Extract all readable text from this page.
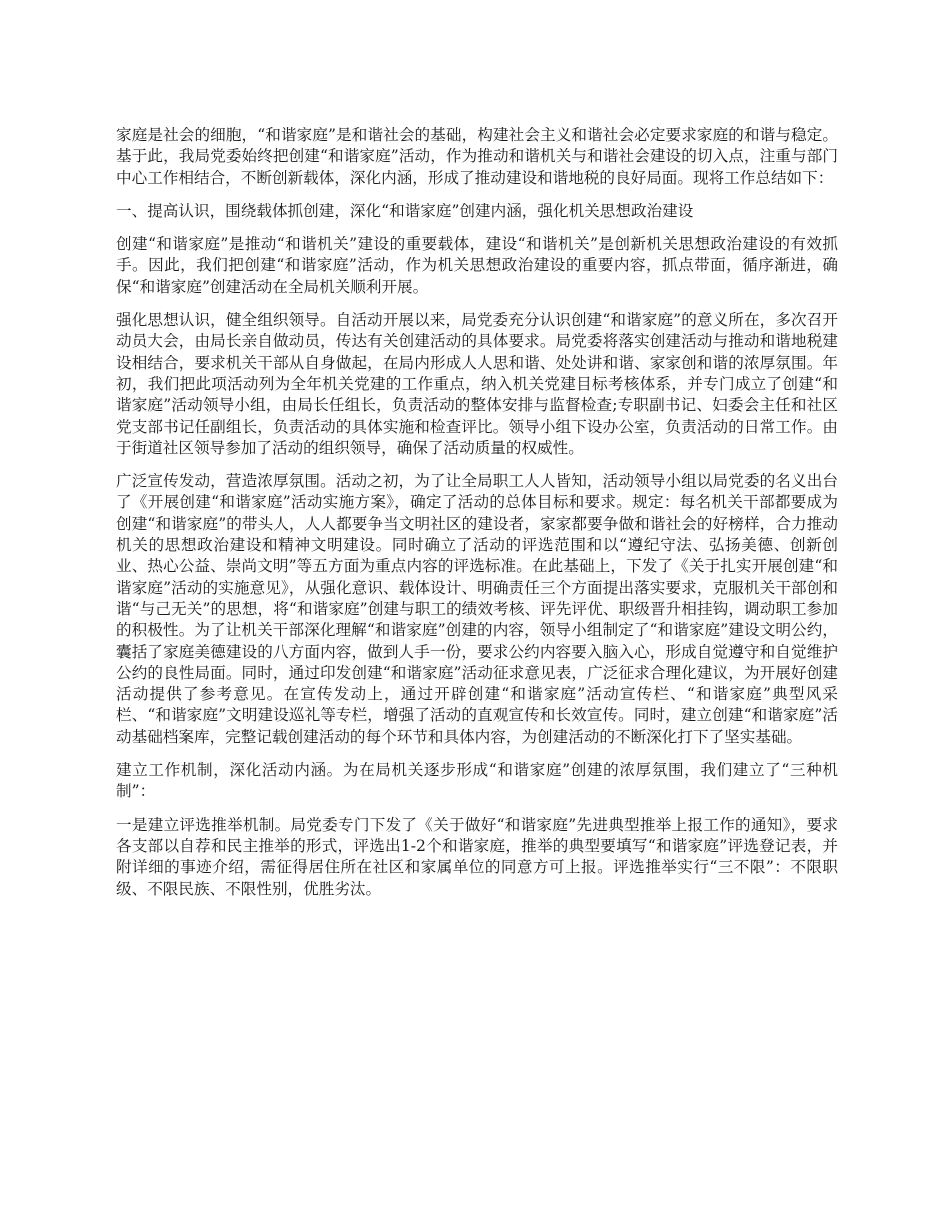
家庭是社会的细胞，“和谐家庭”是和谐社会的基础，构建社会主义和谐社会必定要求家庭的和谐与稳定。基于此，我局党委始终把创建“和谐家庭”活动，作为推动和谐机关与和谐社会建设的切入点，注重与部门中心工作相结合，不断创新载体，深化内涵，形成了推动建设和谐地税的良好局面。现将工作总结如下：

一、提高认识，围绕载体抓创建，深化“和谐家庭”创建内涵，强化机关思想政治建设

创建“和谐家庭”是推动“和谐机关”建设的重要载体，建设“和谐机关”是创新机关思想政治建设的有效抓手。因此，我们把创建“和谐家庭”活动，作为机关思想政治建设的重要内容，抓点带面，循序渐进，确保“和谐家庭”创建活动在全局机关顺利开展。

强化思想认识，健全组织领导。自活动开展以来，局党委充分认识创建“和谐家庭”的意义所在，多次召开动员大会，由局长亲自做动员，传达有关创建活动的具体要求。局党委将落实创建活动与推动和谐地税建设相结合，要求机关干部从自身做起，在局内形成人人思和谐、处处讲和谐、家家创和谐的浓厚氛围。年初，我们把此项活动列为全年机关党建的工作重点，纳入机关党建目标考核体系，并专门成立了创建“和谐家庭”活动领导小组，由局长任组长，负责活动的整体安排与监督检查;专职副书记、妇委会主任和社区党支部书记任副组长，负责活动的具体实施和检查评比。领导小组下设办公室，负责活动的日常工作。由于街道社区领导参加了活动的组织领导，确保了活动质量的权威性。

广泛宣传发动，营造浓厚氛围。活动之初，为了让全局职工人人皆知，活动领导小组以局党委的名义出台了《开展创建“和谐家庭”活动实施方案》，确定了活动的总体目标和要求。规定：每名机关干部都要成为创建“和谐家庭”的带头人，人人都要争当文明社区的建设者，家家都要争做和谐社会的好榜样，合力推动机关的思想政治建设和精神文明建设。同时确立了活动的评选范围和以“遵纪守法、弘扬美德、创新创业、热心公益、崇尚文明”等五方面为重点内容的评选标准。在此基础上，下发了《关于扎实开展创建“和谐家庭”活动的实施意见》，从强化意识、载体设计、明确责任三个方面提出落实要求，克服机关干部创和谐“与己无关”的思想，将“和谐家庭”创建与职工的绩效考核、评先评优、职级晋升相挂钩，调动职工参加的积极性。为了让机关干部深化理解“和谐家庭”创建的内容，领导小组制定了“和谐家庭”建设文明公约，囊括了家庭美德建设的八方面内容，做到人手一份，要求公约内容要入脑入心，形成自觉遵守和自觉维护公约的良性局面。同时，通过印发创建“和谐家庭”活动征求意见表，广泛征求合理化建议，为开展好创建活动提供了参考意见。在宣传发动上，通过开辟创建“和谐家庭”活动宣传栏、“和谐家庭”典型风采栏、“和谐家庭”文明建设巡礼等专栏，增强了活动的直观宣传和长效宣传。同时，建立创建“和谐家庭”活动基础档案库，完整记载创建活动的每个环节和具体内容，为创建活动的不断深化打下了坚实基础。

建立工作机制，深化活动内涵。为在局机关逐步形成“和谐家庭”创建的浓厚氛围，我们建立了“三种机制”：

一是建立评选推举机制。局党委专门下发了《关于做好“和谐家庭”先进典型推举上报工作的通知》，要求各支部以自荐和民主推举的形式，评选出1-2个和谐家庭，推举的典型要填写“和谐家庭”评选登记表，并附详细的事迹介绍，需征得居住所在社区和家属单位的同意方可上报。评选推举实行“三不限”：不限职级、不限民族、不限性别，优胜劣汰。
